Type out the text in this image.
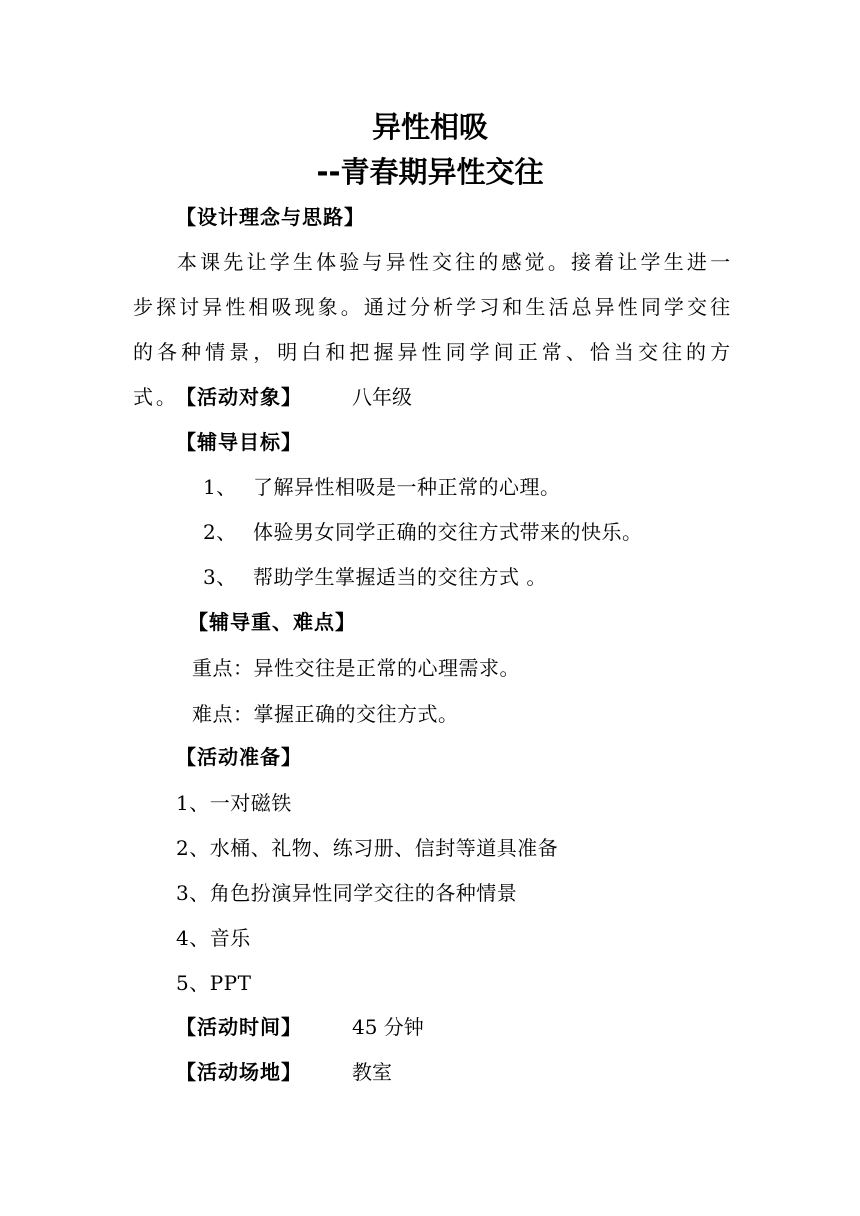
异性相吸
--青春期异性交往
【设计理念与思路】
本课先让学生体验与异性交往的感觉。接着让学生进一步探讨异性相吸现象。通过分析学习和生活总异性同学交往的各种情景，明白和把握异性同学间正常、恰当交往的方式。
【活动对象】	八年级
【辅导目标】
1、 了解异性相吸是一种正常的心理。
2、 体验男女同学正确的交往方式带来的快乐。
3、 帮助学生掌握适当的交往方式 。
【辅导重、难点】
重点：异性交往是正常的心理需求。
难点：掌握正确的交往方式。
【活动准备】
1、一对磁铁
2、水桶、礼物、练习册、信封等道具准备
3、角色扮演异性同学交往的各种情景
4、音乐
5、PPT
【活动时间】	45 分钟
【活动场地】	教室
